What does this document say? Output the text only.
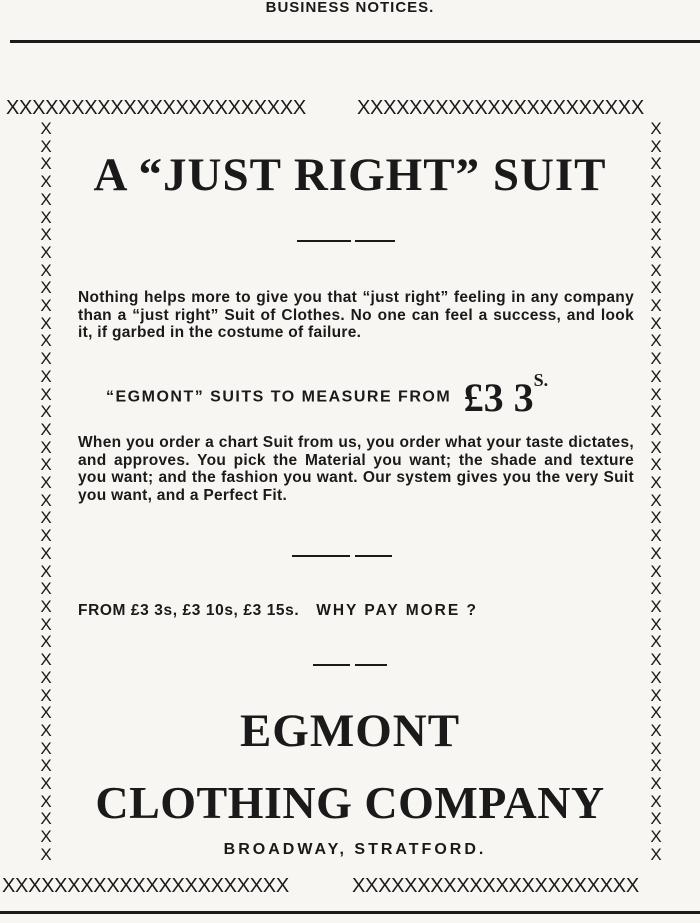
BUSINESS NOTICES.
XXXXXXXXXXXXXXXXXXXXXXX	XXXXXXXXXXXXXXXXXXXXXX
X
X
X
X
X
X
X
X
X
X
X
X
X
X
X
X
X
X
X
X
X
X
X
X
X
X
X
X
X
X
X
X
X
X
X
X
X
X
X
X
X
X
X
X
X
X
X
X
X
X
X
X
X
X
X
X
X
X
X
X
X
X
X
X
X
X
X
X
X
X
X
X
X
X
X
X
X
X
X
X
X
X
X
X
XXXXXXXXXXXXXXXXXXXXXX	XXXXXXXXXXXXXXXXXXXXXX
A “JUST RIGHT” SUIT
Nothing helps more to give you that “just right” feeling in any company than a “just right” Suit of Clothes. No one can feel a success, and look it, if garbed in the costume of failure.
“EGMONT” SUITS TO MEASURE FROM £3 3S.
When you order a chart Suit from us, you order what your taste dictates, and approves. You pick the Material you want; the shade and texture you want; and the fashion you want. Our system gives you the very Suit you want, and a Perfect Fit.
FROM £3 3s, £3 10s, £3 15s. WHY PAY MORE ?
EGMONT
CLOTHING COMPANY
BROADWAY, STRATFORD.
